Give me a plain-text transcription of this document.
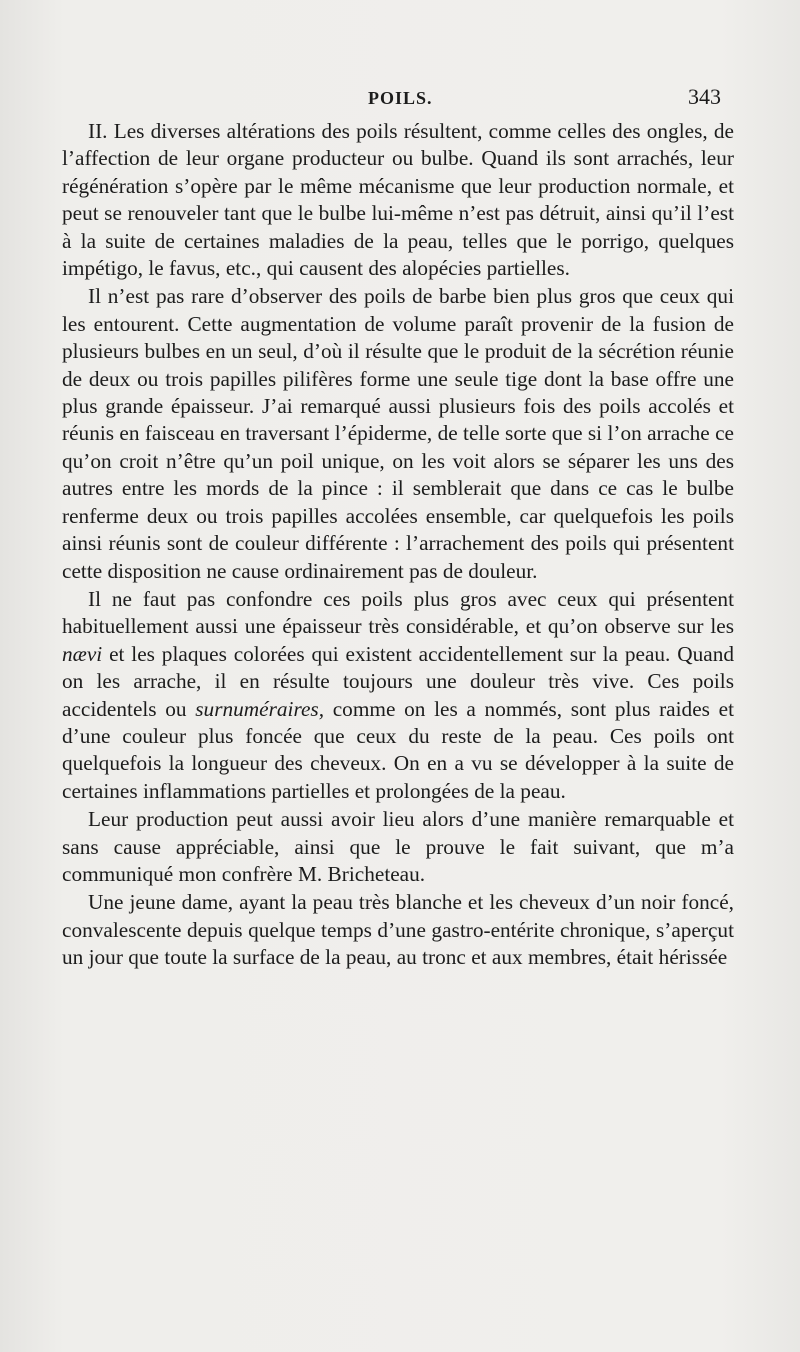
POILS.	343

II. Les diverses altérations des poils résultent, comme celles des ongles, de l’affection de leur organe producteur ou bulbe. Quand ils sont arrachés, leur régénération s’opère par le même mécanisme que leur production normale, et peut se renouveler tant que le bulbe lui-même n’est pas détruit, ainsi qu’il l’est à la suite de certaines maladies de la peau, telles que le porrigo, quelques impétigo, le favus, etc., qui causent des alopécies partielles.

Il n’est pas rare d’observer des poils de barbe bien plus gros que ceux qui les entourent. Cette augmentation de volume paraît provenir de la fusion de plusieurs bulbes en un seul, d’où il résulte que le produit de la sécrétion réunie de deux ou trois papilles pilifères forme une seule tige dont la base offre une plus grande épaisseur. J’ai remarqué aussi plusieurs fois des poils accolés et réunis en faisceau en traversant l’épiderme, de telle sorte que si l’on arrache ce qu’on croit n’être qu’un poil unique, on les voit alors se séparer les uns des autres entre les mords de la pince : il semblerait que dans ce cas le bulbe renferme deux ou trois papilles accolées ensemble, car quelquefois les poils ainsi réunis sont de couleur différente : l’arrachement des poils qui présentent cette disposition ne cause ordinairement pas de douleur.

Il ne faut pas confondre ces poils plus gros avec ceux qui présentent habituellement aussi une épaisseur très considérable, et qu’on observe sur les nævi et les plaques colorées qui existent accidentellement sur la peau. Quand on les arrache, il en résulte toujours une douleur très vive. Ces poils accidentels ou surnuméraires, comme on les a nommés, sont plus raides et d’une couleur plus foncée que ceux du reste de la peau. Ces poils ont quelquefois la longueur des cheveux. On en a vu se développer à la suite de certaines inflammations partielles et prolongées de la peau.

Leur production peut aussi avoir lieu alors d’une manière remarquable et sans cause appréciable, ainsi que le prouve le fait suivant, que m’a communiqué mon confrère M. Bricheteau.

Une jeune dame, ayant la peau très blanche et les cheveux d’un noir foncé, convalescente depuis quelque temps d’une gastro-entérite chronique, s’aperçut un jour que toute la surface de la peau, au tronc et aux membres, était hérissée
